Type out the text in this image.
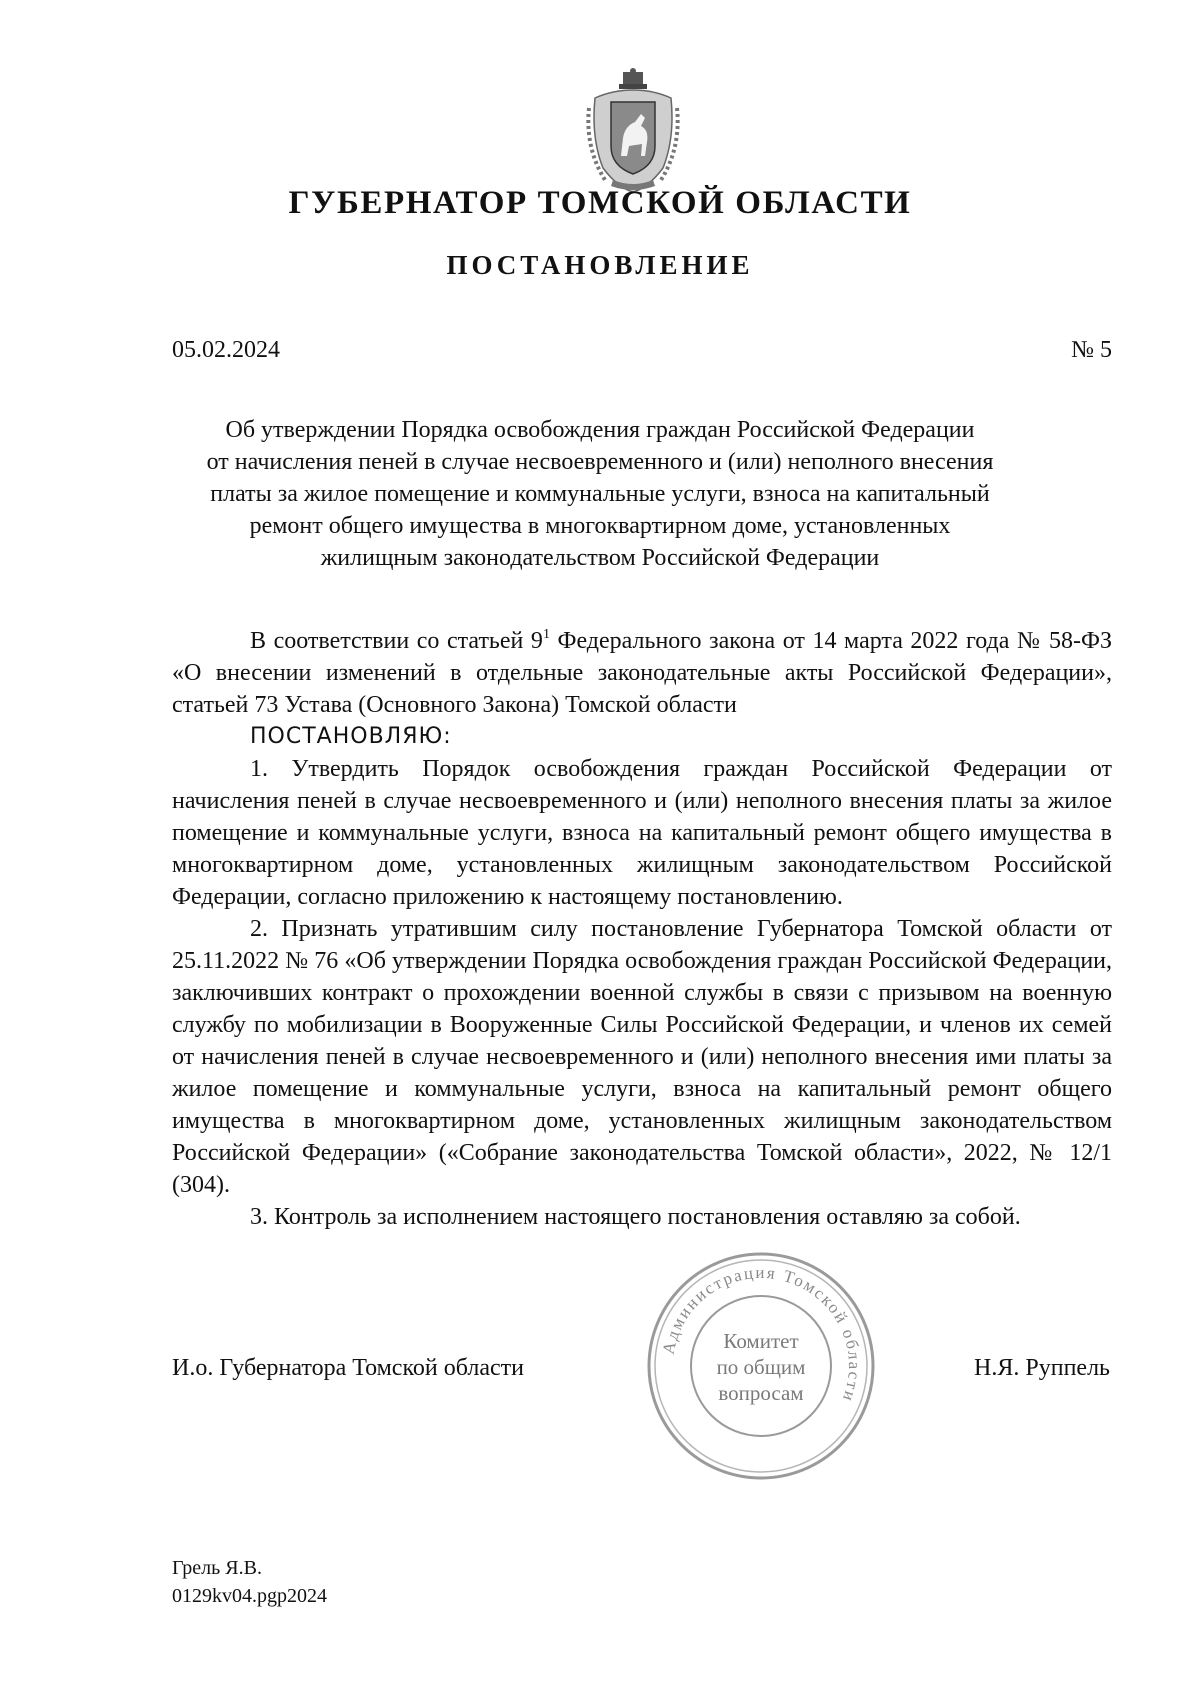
ГУБЕРНАТОР ТОМСКОЙ ОБЛАСТИ
ПОСТАНОВЛЕНИЕ
05.02.2024	№ 5
Об утверждении Порядка освобождения граждан Российской Федерации
от начисления пеней в случае несвоевременного и (или) неполного внесения
платы за жилое помещение и коммунальные услуги, взноса на капитальный
ремонт общего имущества в многоквартирном доме, установленных
жилищным законодательством Российской Федерации

В соответствии со статьей $9^1$ Федерального закона от 14 марта 2022 года № 58-ФЗ «О внесении изменений в отдельные законодательные акты Российской Федерации», статьей 73 Устава (Основного Закона) Томской области

ПОСТАНОВЛЯЮ:

1. Утвердить Порядок освобождения граждан Российской Федерации от начисления пеней в случае несвоевременного и (или) неполного внесения платы за жилое помещение и коммунальные услуги, взноса на капитальный ремонт общего имущества в многоквартирном доме, установленных жилищным законодательством Российской Федерации, согласно приложению к настоящему постановлению.

2. Признать утратившим силу постановление Губернатора Томской области от 25.11.2022 № 76 «Об утверждении Порядка освобождения граждан Российской Федерации, заключивших контракт о прохождении военной службы в связи с призывом на военную службу по мобилизации в Вооруженные Силы Российской Федерации, и членов их семей от начисления пеней в случае несвоевременного и (или) неполного внесения ими платы за жилое помещение и коммунальные услуги, взноса на капитальный ремонт общего имущества в многоквартирном доме, установленных жилищным законодательством Российской Федерации» («Собрание законодательства Томской области», 2022, № 12/1 (304).

3. Контроль за исполнением настоящего постановления оставляю за собой.

И.о. Губернатора Томской области	Н.Я. Руппель
Администрация Томской области
Комитет
по общим
вопросам
Грель Я.В.
0129kv04.pgp2024
